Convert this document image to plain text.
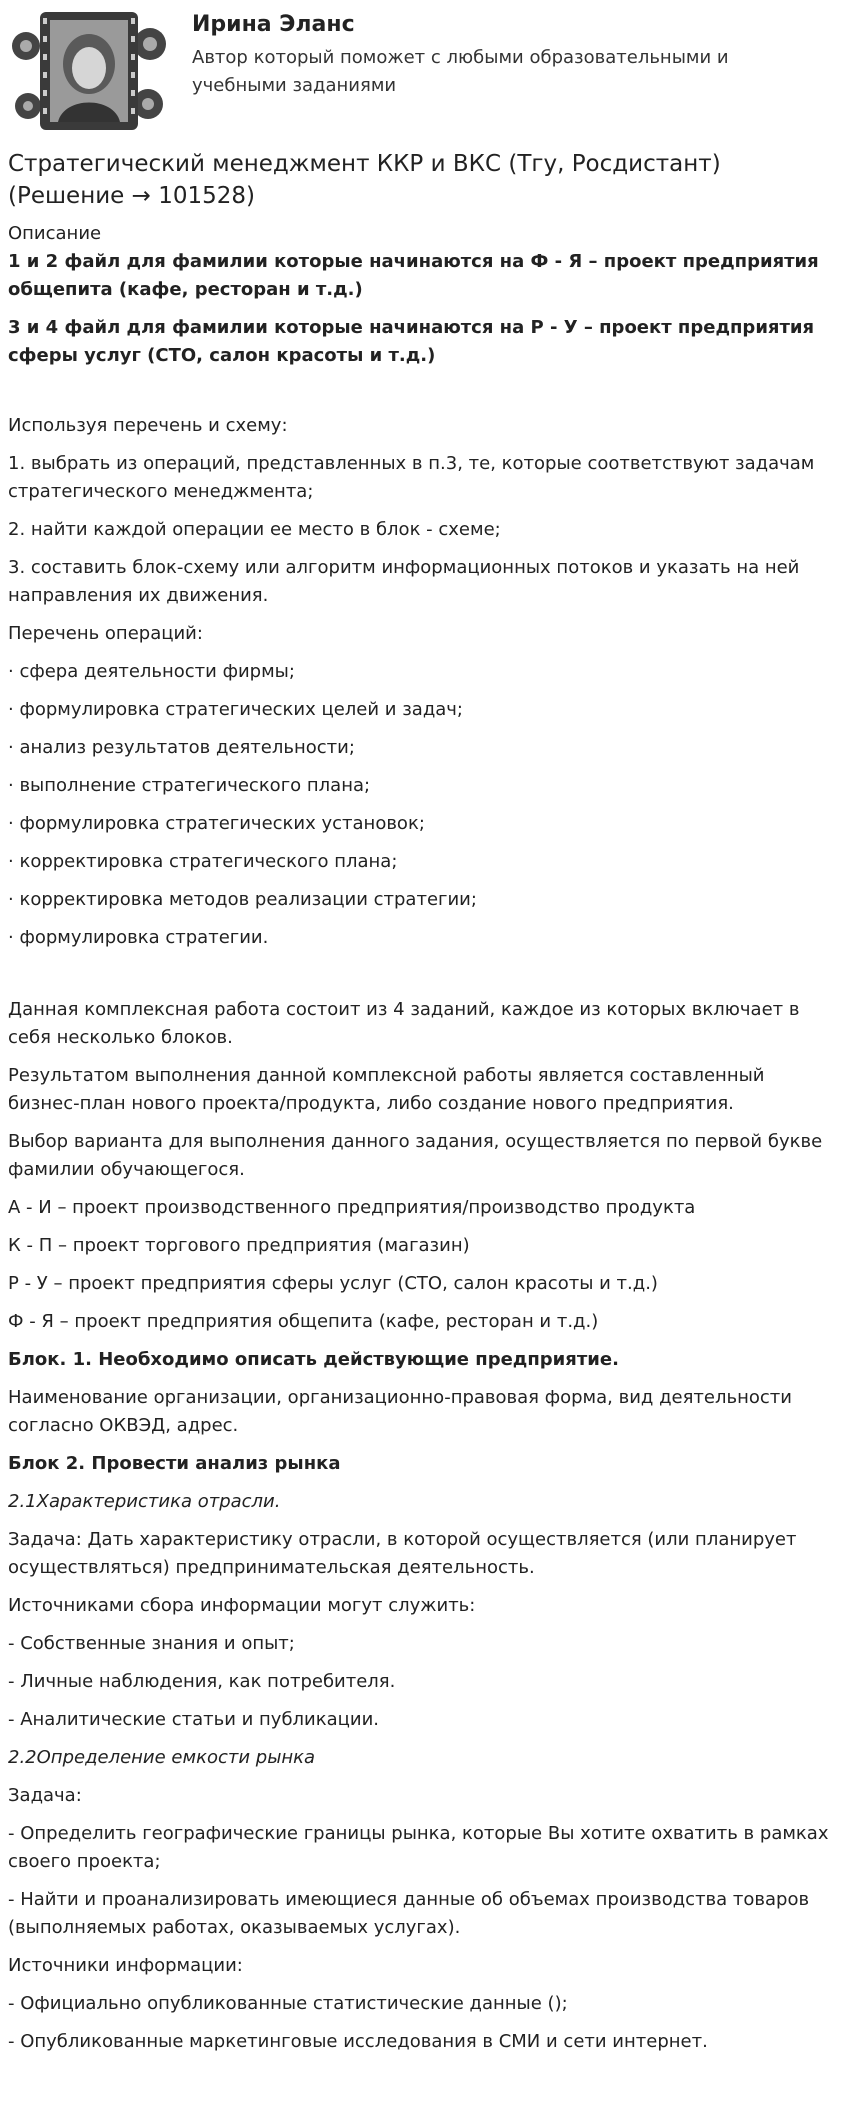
Ирина Эланс
Автор который поможет с любыми образовательными и учебными заданиями
Стратегический менеджмент ККР и ВКС (Тгу, Росдистант) (Решение → 101528)
Описание

1 и 2 файл для фамилии которые начинаются на Ф - Я – проект предприятия общепита (кафе, ресторан и т.д.)

3 и 4 файл для фамилии которые начинаются на Р - У – проект предприятия сферы услуг (СТО, салон красоты и т.д.)

Используя перечень и схему:

1. выбрать из операций, представленных в п.3, те, которые соответствуют задачам стратегического менеджмента;

2. найти каждой операции ее место в блок - схеме;

3. составить блок-схему или алгоритм информационных потоков и указать на ней направления их движения.

Перечень операций:

· сфера деятельности фирмы;

· формулировка стратегических целей и задач;

· анализ результатов деятельности;

· выполнение стратегического плана;

· формулировка стратегических установок;

· корректировка стратегического плана;

· корректировка методов реализации стратегии;

· формулировка стратегии.

Данная комплексная работа состоит из 4 заданий, каждое из которых включает в себя несколько блоков.

Результатом выполнения данной комплексной работы является составленный бизнес-план нового проекта/продукта, либо создание нового предприятия.

Выбор варианта для выполнения данного задания, осуществляется по первой букве фамилии обучающегося.

А - И – проект производственного предприятия/производство продукта

К - П – проект торгового предприятия (магазин)

Р - У – проект предприятия сферы услуг (СТО, салон красоты и т.д.)

Ф - Я – проект предприятия общепита (кафе, ресторан и т.д.)

Блок. 1. Необходимо описать действующие предприятие.

Наименование организации, организационно-правовая форма, вид деятельности согласно ОКВЭД, адрес.

Блок 2. Провести анализ рынка

2.1Характеристика отрасли.

Задача: Дать характеристику отрасли, в которой осуществляется (или планирует осуществляться) предпринимательская деятельность.

Источниками сбора информации могут служить:

- Собственные знания и опыт;

- Личные наблюдения, как потребителя.

- Аналитические статьи и публикации.

2.2Определение емкости рынка

Задача:

- Определить географические границы рынка, которые Вы хотите охватить в рамках своего проекта;

- Найти и проанализировать имеющиеся данные об объемах производства товаров (выполняемых работах, оказываемых услугах).

Источники информации:

- Официально опубликованные статистические данные ();

- Опубликованные маркетинговые исследования в СМИ и сети интернет.
